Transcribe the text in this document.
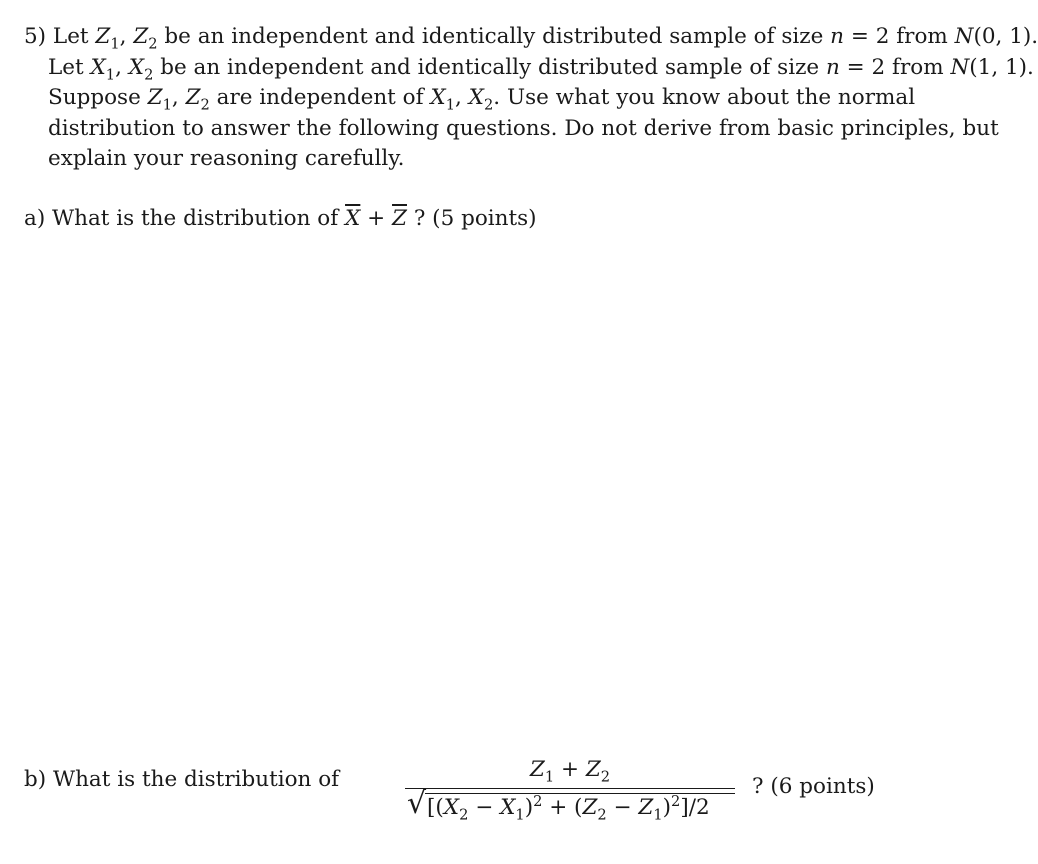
5) Let $Z_1$, $Z_2$ be an independent and identically distributed sample of size n = 2 from N(0, 1).
Let $X_1$, $X_2$ be an independent and identically distributed sample of size n = 2 from N(1, 1).
Suppose $Z_1$, $Z_2$ are independent of $X_1$, $X_2$. Use what you know about the normal
distribution to answer the following questions. Do not derive from basic principles, but
explain your reasoning carefully.
a) What is the distribution of $\overline{X} + \overline{Z}$ ? (5 points)
b) What is the distribution of	$Z_1 + Z_2$
√ $[(X_2 - X_1)^2 + (Z_2 - Z_1)^2]/2$
? (6 points)
